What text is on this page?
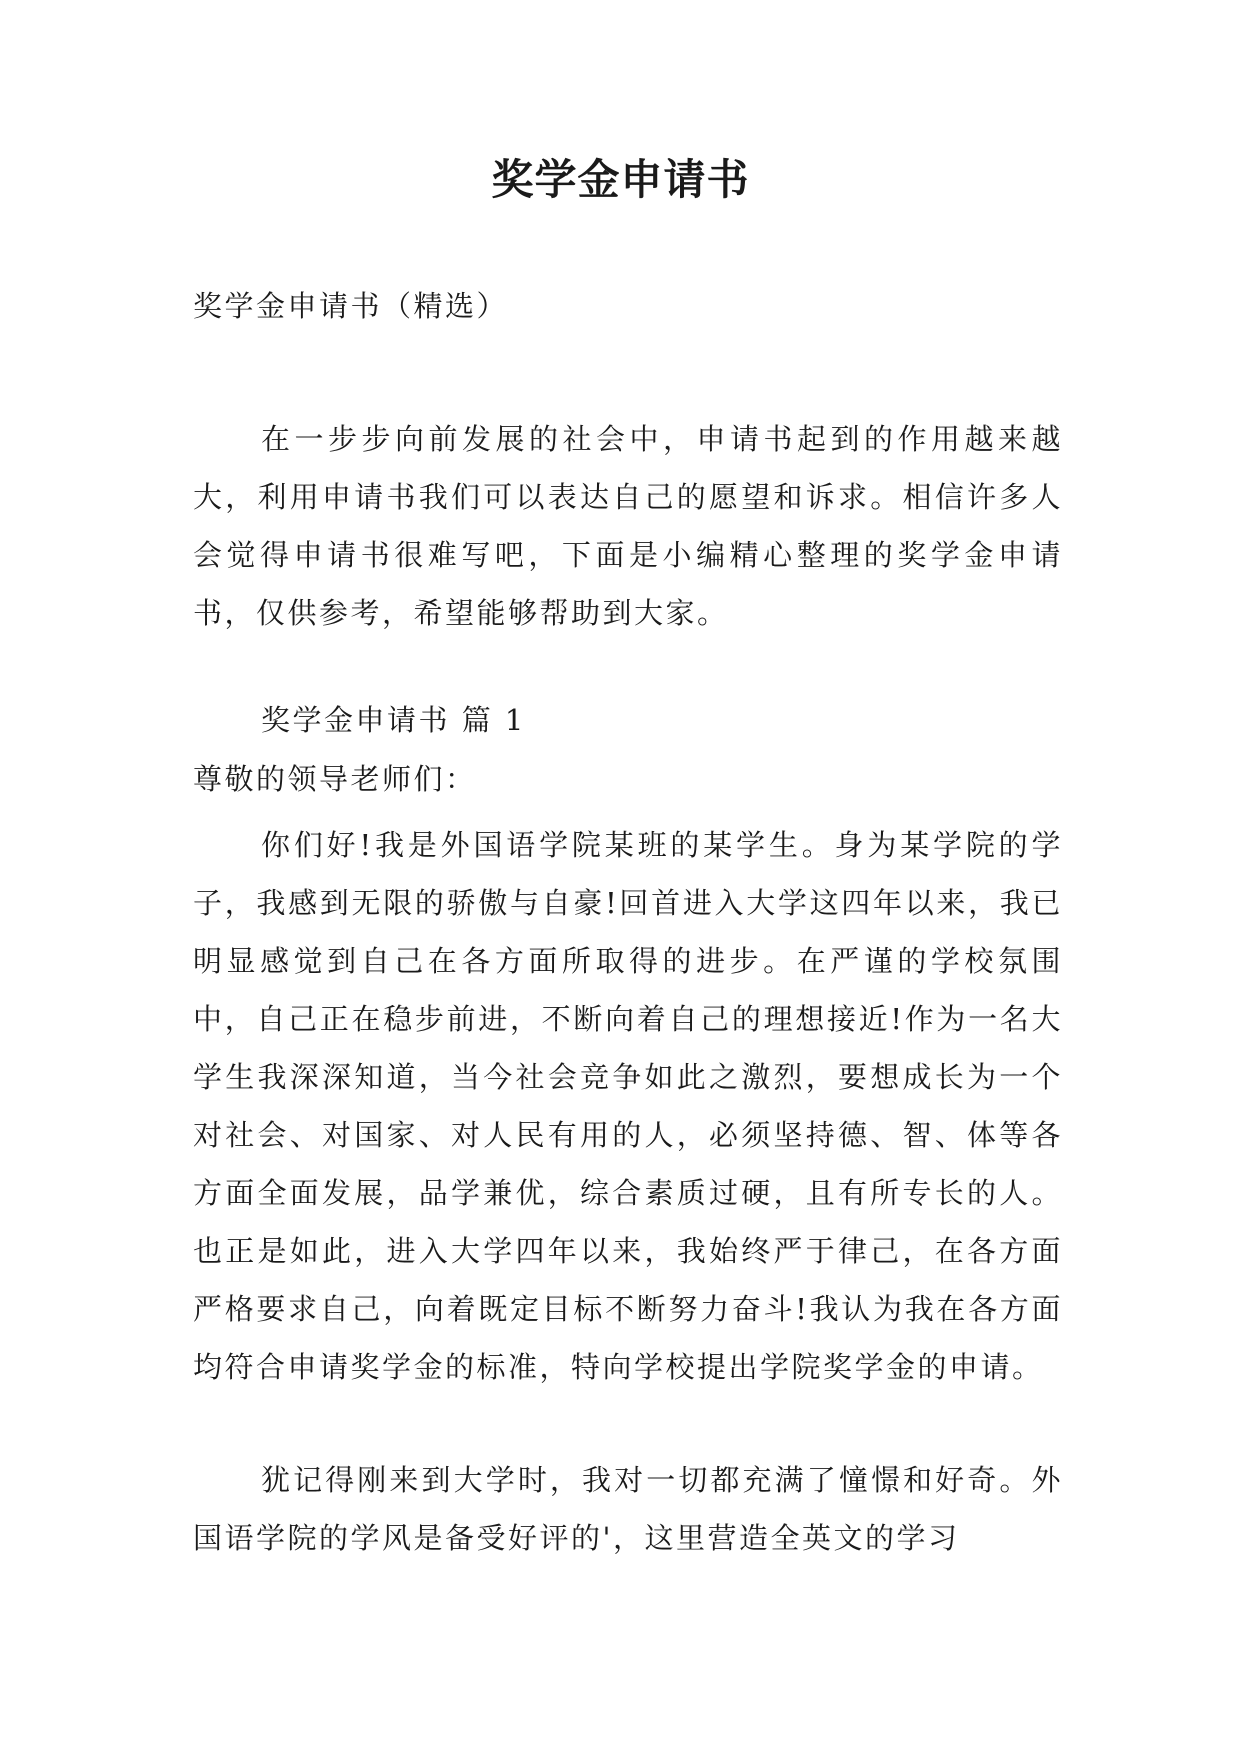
奖学金申请书

奖学金申请书（精选）

在一步步向前发展的社会中，申请书起到的作用越来越大，利用申请书我们可以表达自己的愿望和诉求。相信许多人会觉得申请书很难写吧，下面是小编精心整理的奖学金申请书，仅供参考，希望能够帮助到大家。

奖学金申请书 篇 1

尊敬的领导老师们：

你们好!我是外国语学院某班的某学生。身为某学院的学子，我感到无限的骄傲与自豪!回首进入大学这四年以来，我已明显感觉到自己在各方面所取得的进步。在严谨的学校氛围中，自己正在稳步前进，不断向着自己的理想接近!作为一名大学生我深深知道，当今社会竞争如此之激烈，要想成长为一个对社会、对国家、对人民有用的人，必须坚持德、智、体等各方面全面发展，品学兼优，综合素质过硬，且有所专长的人。也正是如此，进入大学四年以来，我始终严于律己，在各方面严格要求自己，向着既定目标不断努力奋斗!我认为我在各方面均符合申请奖学金的标准，特向学校提出学院奖学金的申请。

犹记得刚来到大学时，我对一切都充满了憧憬和好奇。外国语学院的学风是备受好评的'，这里营造全英文的学习
